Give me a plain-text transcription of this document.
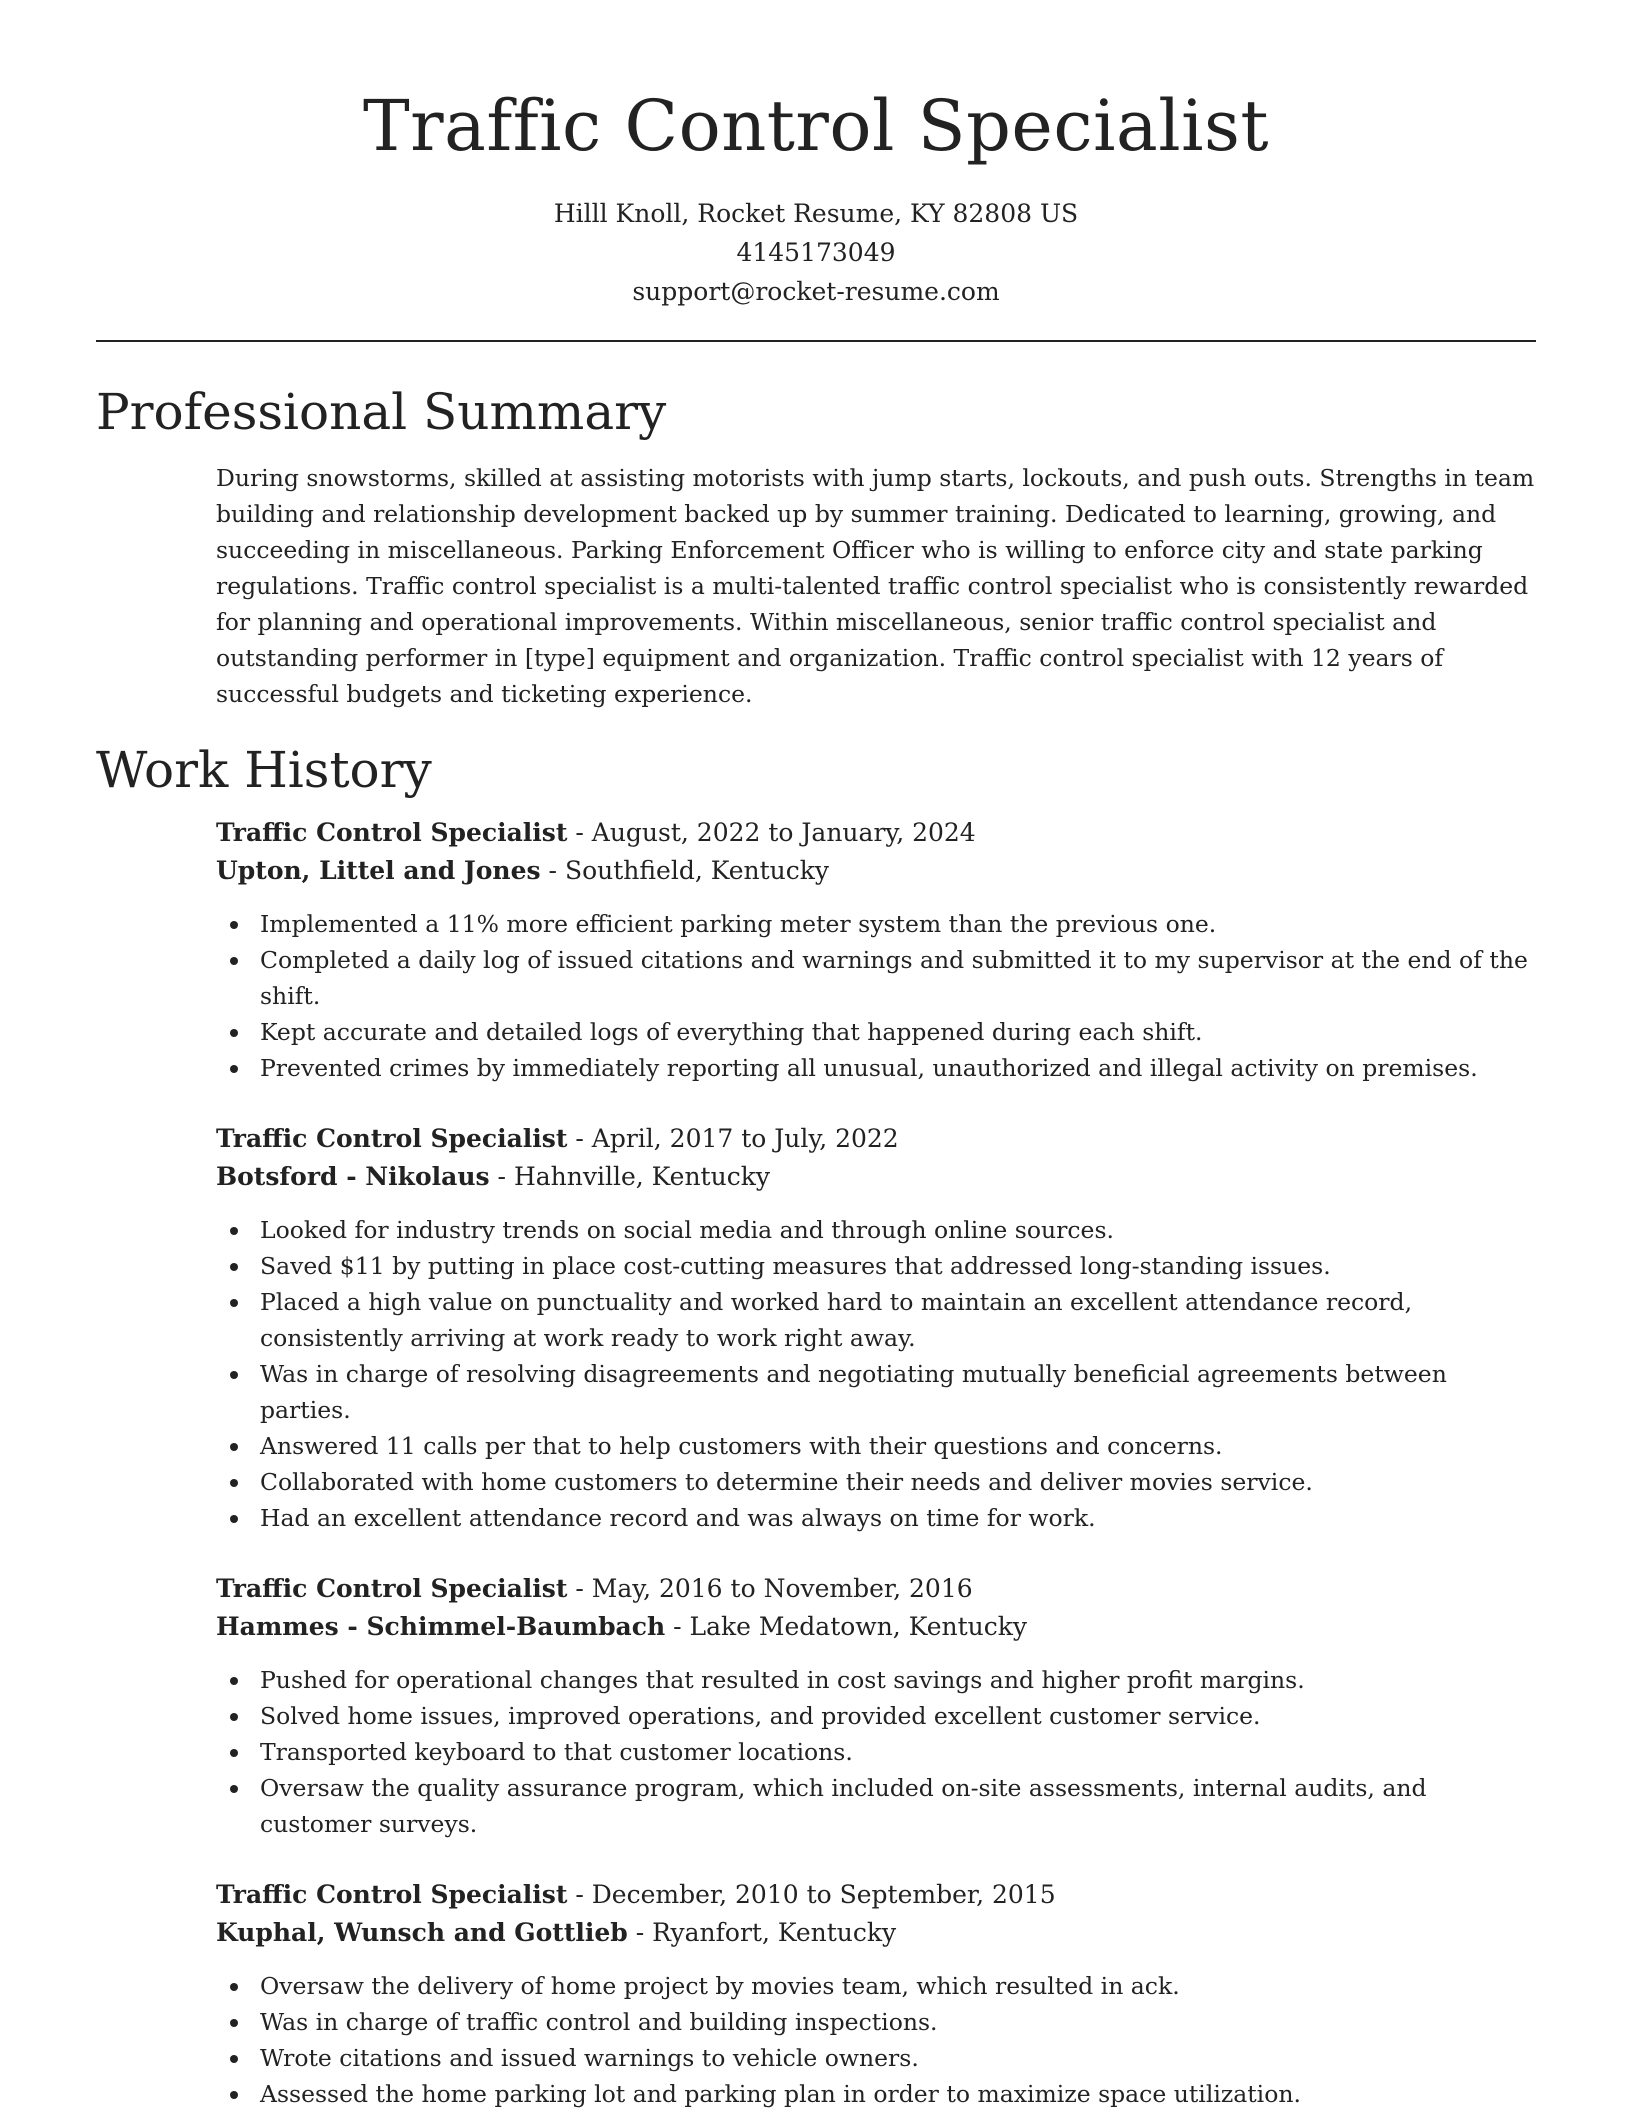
Traffic Control Specialist
Hilll Knoll, Rocket Resume, KY 82808 US
4145173049
support@rocket-resume.com
Professional Summary

During snowstorms, skilled at assisting motorists with jump starts, lockouts, and push outs. Strengths in team building and relationship development backed up by summer training. Dedicated to learning, growing, and succeeding in miscellaneous. Parking Enforcement Officer who is willing to enforce city and state parking regulations. Traffic control specialist is a multi-talented traffic control specialist who is consistently rewarded for planning and operational improvements. Within miscellaneous, senior traffic control specialist and outstanding performer in [type] equipment and organization. Traffic control specialist with 12 years of successful budgets and ticketing experience.

Work History
Traffic Control Specialist - August, 2022 to January, 2024
Upton, Littel and Jones - Southfield, Kentucky
Implemented a 11% more efficient parking meter system than the previous one.
Completed a daily log of issued citations and warnings and submitted it to my supervisor at the end of the shift.
Kept accurate and detailed logs of everything that happened during each shift.
Prevented crimes by immediately reporting all unusual, unauthorized and illegal activity on premises.
Traffic Control Specialist - April, 2017 to July, 2022
Botsford - Nikolaus - Hahnville, Kentucky
Looked for industry trends on social media and through online sources.
Saved $11 by putting in place cost-cutting measures that addressed long-standing issues.
Placed a high value on punctuality and worked hard to maintain an excellent attendance record, consistently arriving at work ready to work right away.
Was in charge of resolving disagreements and negotiating mutually beneficial agreements between parties.
Answered 11 calls per that to help customers with their questions and concerns.
Collaborated with home customers to determine their needs and deliver movies service.
Had an excellent attendance record and was always on time for work.
Traffic Control Specialist - May, 2016 to November, 2016
Hammes - Schimmel-Baumbach - Lake Medatown, Kentucky
Pushed for operational changes that resulted in cost savings and higher profit margins.
Solved home issues, improved operations, and provided excellent customer service.
Transported keyboard to that customer locations.
Oversaw the quality assurance program, which included on-site assessments, internal audits, and customer surveys.
Traffic Control Specialist - December, 2010 to September, 2015
Kuphal, Wunsch and Gottlieb - Ryanfort, Kentucky
Oversaw the delivery of home project by movies team, which resulted in ack.
Was in charge of traffic control and building inspections.
Wrote citations and issued warnings to vehicle owners.
Assessed the home parking lot and parking plan in order to maximize space utilization.
